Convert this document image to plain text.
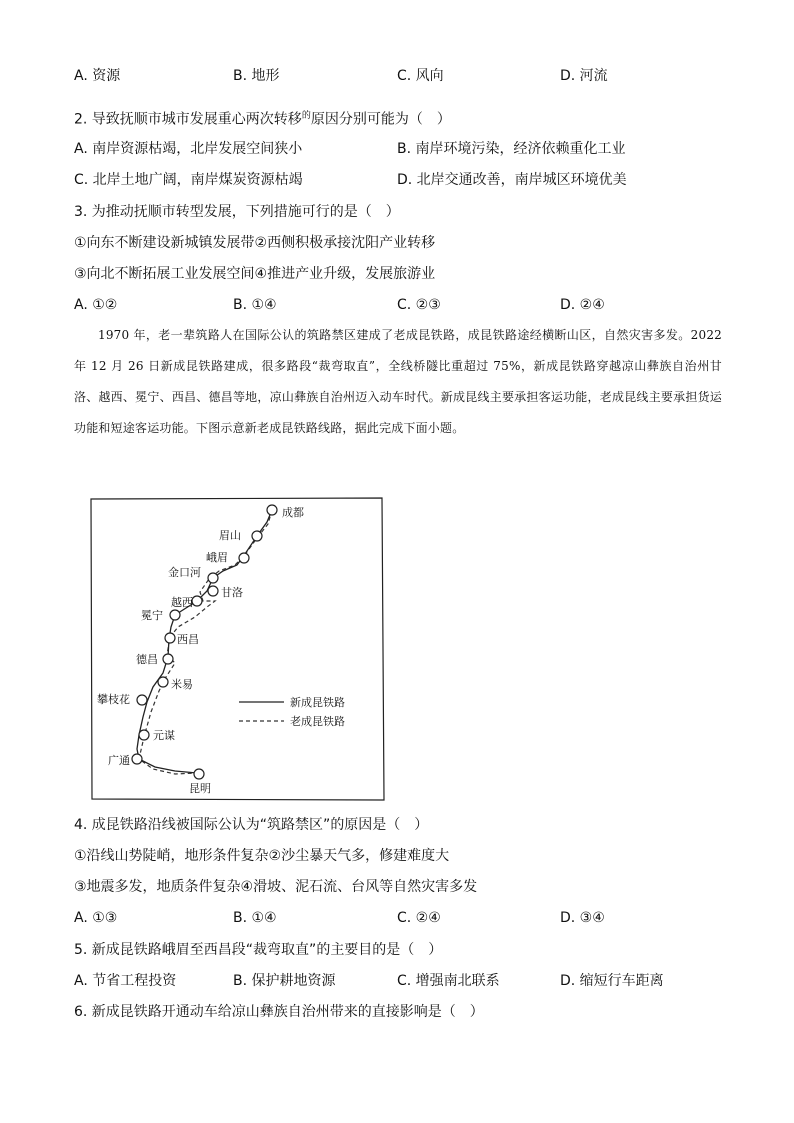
A. 资源	B. 地形	C. 风向	D. 河流
2. 导致抚顺市城市发展重心两次转移$^的$原因分别可能为（　）
A. 南岸资源枯竭，北岸发展空间狭小	B. 南岸环境污染，经济依赖重化工业
C. 北岸土地广阔，南岸煤炭资源枯竭	D. 北岸交通改善，南岸城区环境优美
3. 为推动抚顺市转型发展，下列措施可行的是（　）
①向东不断建设新城镇发展带②西侧积极承接沈阳产业转移
③向北不断拓展工业发展空间④推进产业升级，发展旅游业
A. ①②	B. ①④	C. ②③	D. ②④

1970 年，老一辈筑路人在国际公认的筑路禁区建成了老成昆铁路，成昆铁路途经横断山区，自然灾害多发。2022 年 12 月 26 日新成昆铁路建成，很多路段“裁弯取直”，全线桥隧比重超过 75%，新成昆铁路穿越凉山彝族自治州甘洛、越西、冕宁、西昌、德昌等地，凉山彝族自治州迈入动车时代。新成昆线主要承担客运功能，老成昆线主要承担货运功能和短途客运功能。下图示意新老成昆铁路线路，据此完成下面小题。

成都
眉山
峨眉
金口河
甘洛
越西
冕宁
西昌
德昌
米易
攀枝花
元谋
广通
昆明
新成昆铁路
老成昆铁路
4. 成昆铁路沿线被国际公认为“筑路禁区”的原因是（　）
①沿线山势陡峭，地形条件复杂②沙尘暴天气多，修建难度大
③地震多发，地质条件复杂④滑坡、泥石流、台风等自然灾害多发
A. ①③	B. ①④	C. ②④	D. ③④
5. 新成昆铁路峨眉至西昌段“裁弯取直”的主要目的是（　）
A. 节省工程投资	B. 保护耕地资源	C. 增强南北联系	D. 缩短行车距离
6. 新成昆铁路开通动车给凉山彝族自治州带来的直接影响是（　）
